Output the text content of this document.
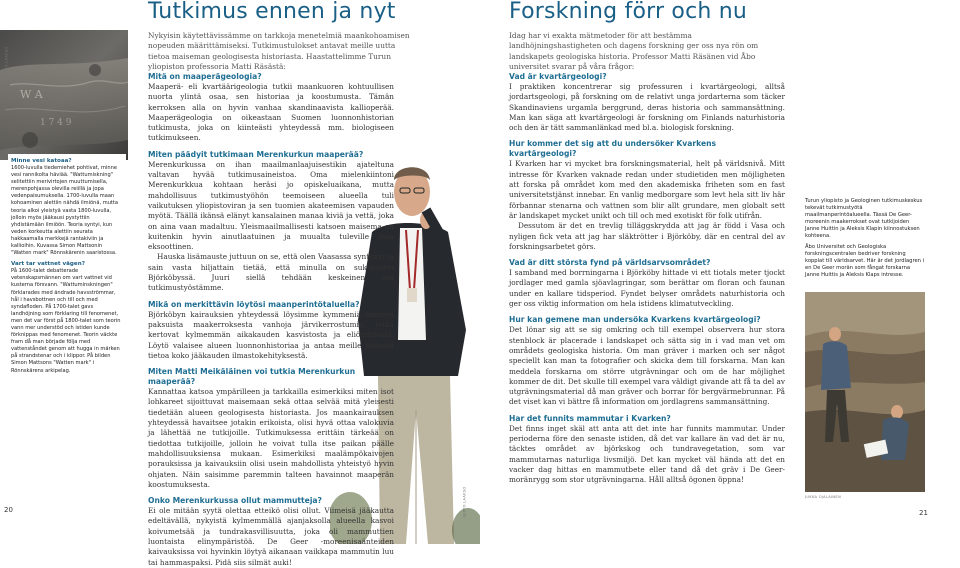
Tutkimus ennen ja nyt
Nykyisin käytettävissämme on tarkkoja menetelmiä maankohoamisen nopeuden määrittämiseksi. Tutkimustulokset antavat meille uutta tietoa maiseman geologisesta historiasta. Haastattelimme Turun yliopiston professoria Matti Räsästä:
W A
1 7 4 9
SEPPO LAAKSO
Minne vesi katoaa?

1600-luvulla tiedemiehet pohtivat, minne vesi rannikolta häviää. "Wattumiskning" selitettiin merivirtojen muuttumisella, merenpohjassa olevilla reiillä ja jopa vedenpaisumuksella. 1700-luvulla maan kohoaminen alettiin nähdä ilmiönä, mutta teoria alkoi yleistyä vasta 1800-luvulla, jolloin myös jääkausi pystyttiin yhdistämään ilmiöön. Teoria syntyi, kun veden korkeutta alettiin seurata hakkaamalla merkkejä rantakiviin ja kallioihin. Kuvassa Simon Mattsonin "Watten mark" Rönnskärenin saaristossa.

Vart tar vattnet vägen?

På 1600-talet debatterade vetenskapsmännen om vart vattnet vid kusterna försvann. "Wattuminskningen" förklarades med ändrade havsströmmar, hål i havsbottnen och till och med syndafloden. På 1700-talet gavs landhöjning som förklaring till fenomenet, men det var först på 1800-talet som teorin vann mer understöd och istiden kunde förknippas med fenomenet. Teorin väckte fram då man började följa med vattenståndet genom att hugga in märken på strandstenar och i klippor. På bilden Simon Mattsons "Watten mark" i Rönnskärens arkipelag.

20	SEPPO LAAKSO
Mitä on maaperägeologia?

Maaperä- eli kvartäärigeologia tutkii maankuoren kohtuullisen nuorta ylintä osaa, sen historiaa ja koostumusta. Tämän kerroksen alla on hyvin vanhaa skandinaavista kallioperää. Maaperägeologia on oikeastaan Suomen luonnonhistorian tutkimusta, joka on kiinteästi yhteydessä mm. biologiseen tutkimukseen.

Miten päädyit tutkimaan Merenkurkun maaperää?

Merenkurkussa on ihan maailmanlaajuisestikin ajateltuna valtavan hyvää tutkimusaineistoa. Oma mielenkiintoni Merenkurkkua kohtaan heräsi jo opiskeluaikana, mutta mahdollisuus tutkimustyöhön teemoiseen alueella tuli vaikutuksen yliopistoviran ja sen tuomien akateemisen vapauden myötä. Täällä ikänsä elänyt kansalainen manaa kiviä ja vettä, joka on aina vaan madaltuu. Yleismaailmallisesti katsoen maisema on kuitenkin hyvin ainutlaatuinen ja muualta tuleville jopa eksoottinen.

Hauska lisämauste juttuun on se, että olen Vaasassa syntynyt ja sain vasta hiljattain tietää, että minulla on sukujuuret Björköbyssä. Juuri siellä tehdään keskeinen osa tutkimustyöstämme.

Mikä on merkittävin löytösi maanperintötaluella?

Björköbyn kairauksien yhteydessä löysimme kymmeniä metrejä paksuista maakerroksesta vanhoja järvikerrostumia, jotka kertovat kylmemmän aikakauden kasvistosta ja eliömistöstä. Löytö valaisee alueen luonnonhistoriaa ja antaa meille tärkeää tietoa koko jääkauden ilmastokehityksestä.

Miten Matti Meikäläinen voi tutkia Merenkurkun maaperää?

Kannattaa katsoa ympärilleen ja tarkkailla esimerkiksi miten isot lohkareet sijoittuvat maisemaan sekä ottaa selvää mitä yleisesti tiedetään alueen geologisesta historiasta. Jos maankairauksen yhteydessä havaitsee jotakin erikoista, olisi hyvä ottaa valokuvia ja lähettää ne tutkijoille. Tutkimuksessa erittäin tärkeää on tiedottaa tutkijoille, jolloin he voivat tulla itse paikan päälle mahdollisuuksiensa mukaan. Esimerkiksi maalämpökaivojen porauksissa ja kaivauksiin olisi usein mahdollista yhteistyö hyvin ohjaten. Näin saisimme paremmin talteen havainnot maaperän koostumuksesta.

Onko Merenkurkussa ollut mammutteja?

Ei ole mitään syytä olettaa etteikö olisi ollut. Viimeisä jääkautta edeltävällä, nykyistä kylmemmällä ajanjaksolla alueella kasvoi koivumetsää ja tundrakasvillisuutta, joka oli mammuttien luontaista elinympäristöä. De Geer -moreenisaänteiden kaivauksissa voi hyvinkin löytyä aikanaan vaikkapa mammutin luu tai hammaspaksi. Pidä siis silmät auki!

Forskning förr och nu
Idag har vi exakta mätmetoder för att bestämma landhöjningshastigheten och dagens forskning ger oss nya rön om landskapets geologiska historia. Professor Matti Räsänen vid Åbo universitet svarar på våra frågor:
Vad är kvartärgeologi?

I praktiken koncentrerar sig professuren i kvartärgeologi, alltså jordartsgeologi, på forskning om de relativt unga jordarterna som täcker Skandinaviens urgamla berggrund, deras historia och sammansättning. Man kan säga att kvartärgeologi är forskning om Finlands naturhistoria och den är tätt sammanlänkad med bl.a. biologisk forskning.

Hur kommer det sig att du undersöker Kvarkens kvartärgeologi?

I Kvarken har vi mycket bra forskningsmaterial, helt på världsnivå. Mitt intresse för Kvarken vaknade redan under studietiden men möjligheten att forska på området kom med den akademiska friheten som en fast universitetstjänst innebar. En vanlig medborgare som levt hela sitt liv här förbannar stenarna och vattnen som blir allt grundare, men globalt sett är landskapet mycket unikt och till och med exotiskt för folk utifrån.

Dessutom är det en trevlig tilläggskrydda att jag är född i Vasa och nyligen fick veta att jag har släktrötter i Björköby, där en central del av forskningsarbetet görs.

Vad är ditt största fynd på världsarvsområdet?

I samband med borrningarna i Björköby hittade vi ett tiotals meter tjockt jordlager med gamla sjöavlagringar, som berättar om floran och faunan under en kallare tidsperiod. Fyndet belyser områdets naturhistoria och ger oss viktig information om hela istidens klimatutveckling.

Hur kan gemene man undersöka Kvarkens kvartärgeologi?

Det lönar sig att se sig omkring och till exempel observera hur stora stenblock är placerade i landskapet och sätta sig in i vad man vet om områdets geologiska historia. Om man gräver i marken och ser något speciellt kan man ta fotografier och skicka dem till forskarna. Man kan meddela forskarna om större utgrävningar och om de har möjlighet kommer de dit. Det skulle till exempel vara väldigt givande att få ta del av utgrävningsmaterial då man gräver och borrar för bergvärmebrunnar. På det viset kan vi bättre få information om jordlagrens sammansättning.

Har det funnits mammutar i Kvarken?

Det finns inget skäl att anta att det inte har funnits mammutar. Under perioderna före den senaste istiden, då det var kallare än vad det är nu, täcktes området av björkskog och tundravegetation, som var mammutarnas naturliga livsmiljö. Det kan mycket väl hända att det en vacker dag hittas en mammutbete eller tand då det gräv i De Geer-moränrygg som stor utgrävningarna. Håll alltså ögonen öppna!

Turun yliopisto ja Geologinen tutkimuskeskus tekevät tutkimustyötä maailmanperintöalueella. Tässä De Geer-moreenin maakerrokset ovat tutkijoiden Janne Huittin ja Aleksis Klapin kiinnostuksen kohteena.
Åbo Universitet och Geologiska forskningscentralen bedriver forskning kopplat till världsarvet. Här är det jordlagren i en De Geer morän som fångat forskarna Janne Huittis ja Aleksis Klaps intresse.
JUKKA OJALAINEN
21
